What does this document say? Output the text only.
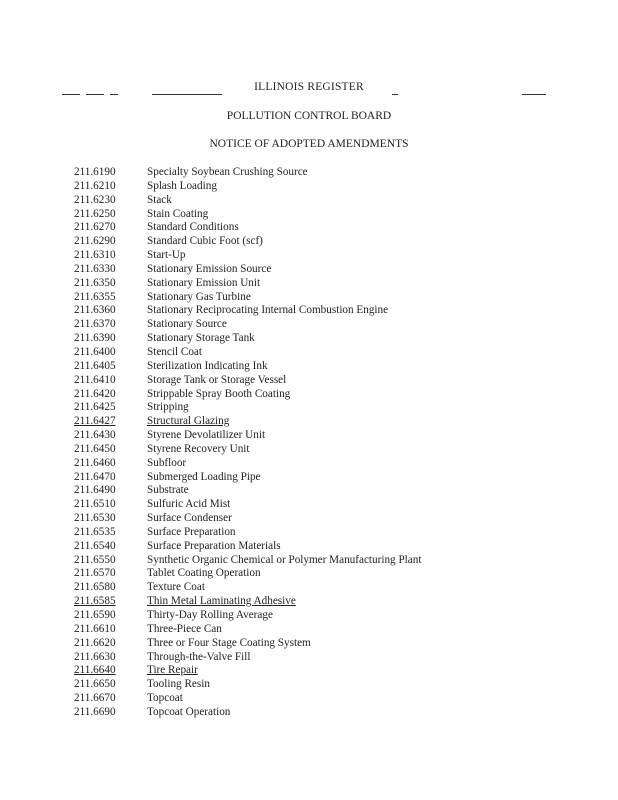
ILLINOIS REGISTER
POLLUTION CONTROL BOARD
NOTICE OF ADOPTED AMENDMENTS
211.6190	Specialty Soybean Crushing Source
211.6210	Splash Loading
211.6230	Stack
211.6250	Stain Coating
211.6270	Standard Conditions
211.6290	Standard Cubic Foot (scf)
211.6310	Start-Up
211.6330	Stationary Emission Source
211.6350	Stationary Emission Unit
211.6355	Stationary Gas Turbine
211.6360	Stationary Reciprocating Internal Combustion Engine
211.6370	Stationary Source
211.6390	Stationary Storage Tank
211.6400	Stencil Coat
211.6405	Sterilization Indicating Ink
211.6410	Storage Tank or Storage Vessel
211.6420	Strippable Spray Booth Coating
211.6425	Stripping
211.6427	Structural Glazing
211.6430	Styrene Devolatilizer Unit
211.6450	Styrene Recovery Unit
211.6460	Subfloor
211.6470	Submerged Loading Pipe
211.6490	Substrate
211.6510	Sulfuric Acid Mist
211.6530	Surface Condenser
211.6535	Surface Preparation
211.6540	Surface Preparation Materials
211.6550	Synthetic Organic Chemical or Polymer Manufacturing Plant
211.6570	Tablet Coating Operation
211.6580	Texture Coat
211.6585	Thin Metal Laminating Adhesive
211.6590	Thirty-Day Rolling Average
211.6610	Three-Piece Can
211.6620	Three or Four Stage Coating System
211.6630	Through-the-Valve Fill
211.6640	Tire Repair
211.6650	Tooling Resin
211.6670	Topcoat
211.6690	Topcoat Operation
